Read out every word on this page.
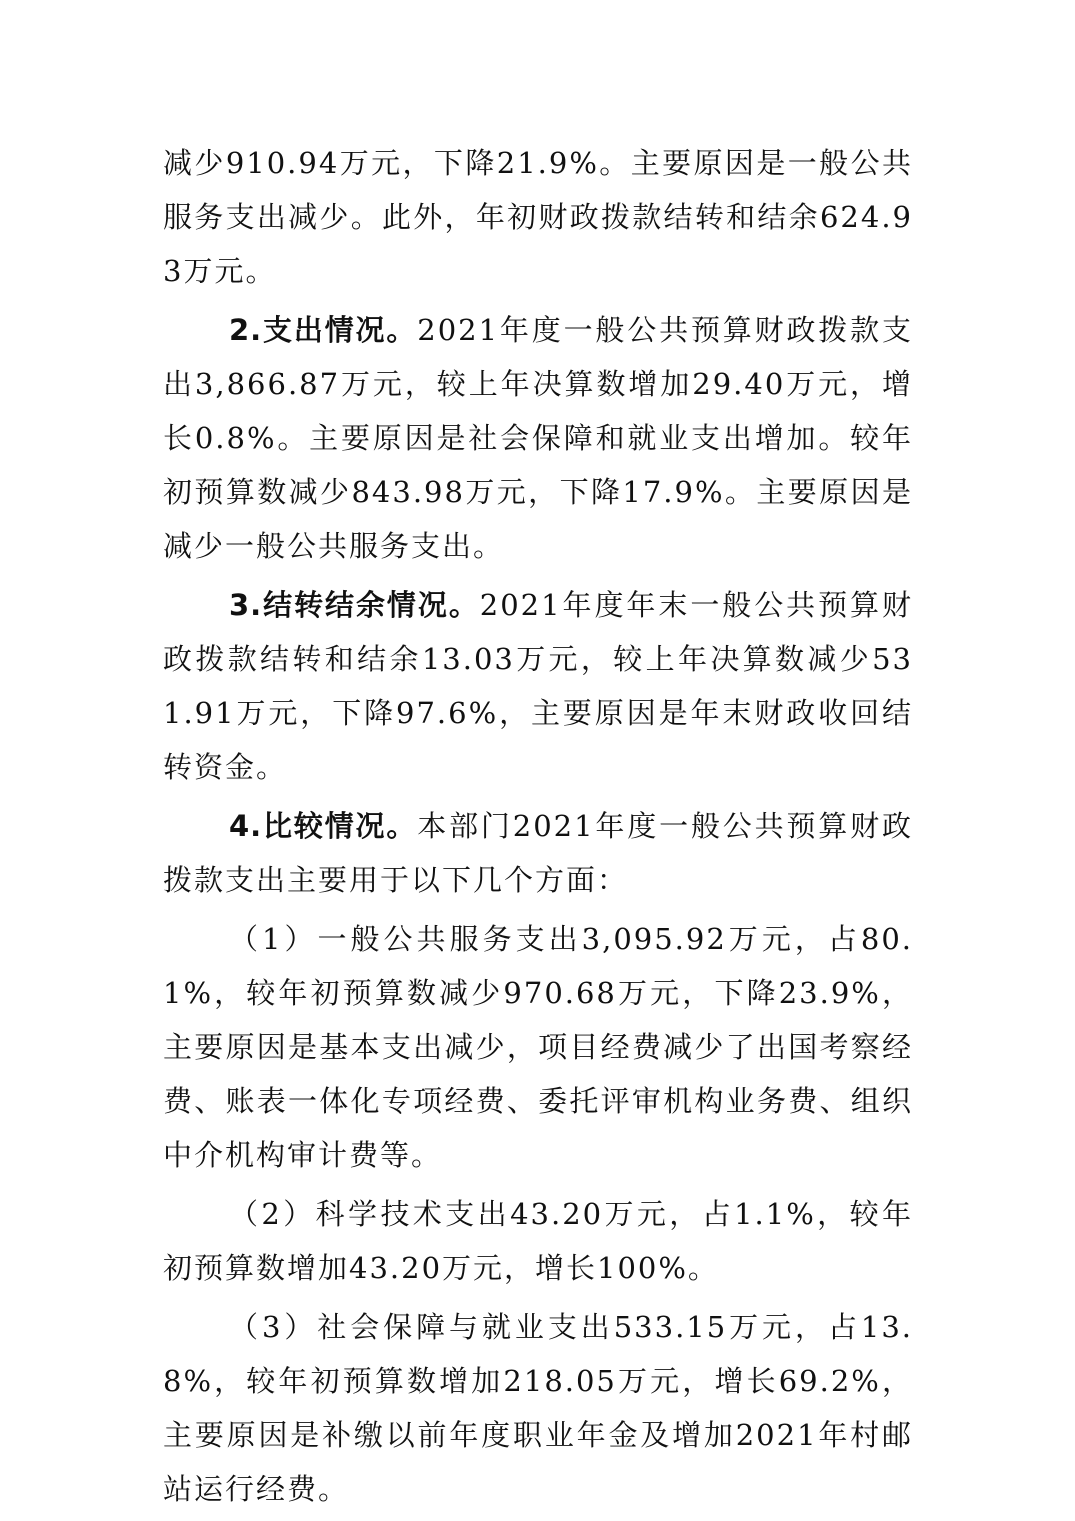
减少910.94万元，下降21.9%。主要原因是一般公共服务支出减少。此外，年初财政拨款结转和结余624.93万元。

2.支出情况。2021年度一般公共预算财政拨款支出3,866.87万元，较上年决算数增加29.40万元，增长0.8%。主要原因是社会保障和就业支出增加。较年初预算数减少843.98万元，下降17.9%。主要原因是减少一般公共服务支出。

3.结转结余情况。2021年度年末一般公共预算财政拨款结转和结余13.03万元，较上年决算数减少531.91万元，下降97.6%，主要原因是年末财政收回结转资金。

4.比较情况。本部门2021年度一般公共预算财政拨款支出主要用于以下几个方面：

（1）一般公共服务支出3,095.92万元，占80.1%，较年初预算数减少970.68万元，下降23.9%，主要原因是基本支出减少，项目经费减少了出国考察经费、账表一体化专项经费、委托评审机构业务费、组织中介机构审计费等。

（2）科学技术支出43.20万元，占1.1%，较年初预算数增加43.20万元，增长100%。

（3）社会保障与就业支出533.15万元，占13.8%，较年初预算数增加218.05万元，增长69.2%，主要原因是补缴以前年度职业年金及增加2021年村邮站运行经费。
